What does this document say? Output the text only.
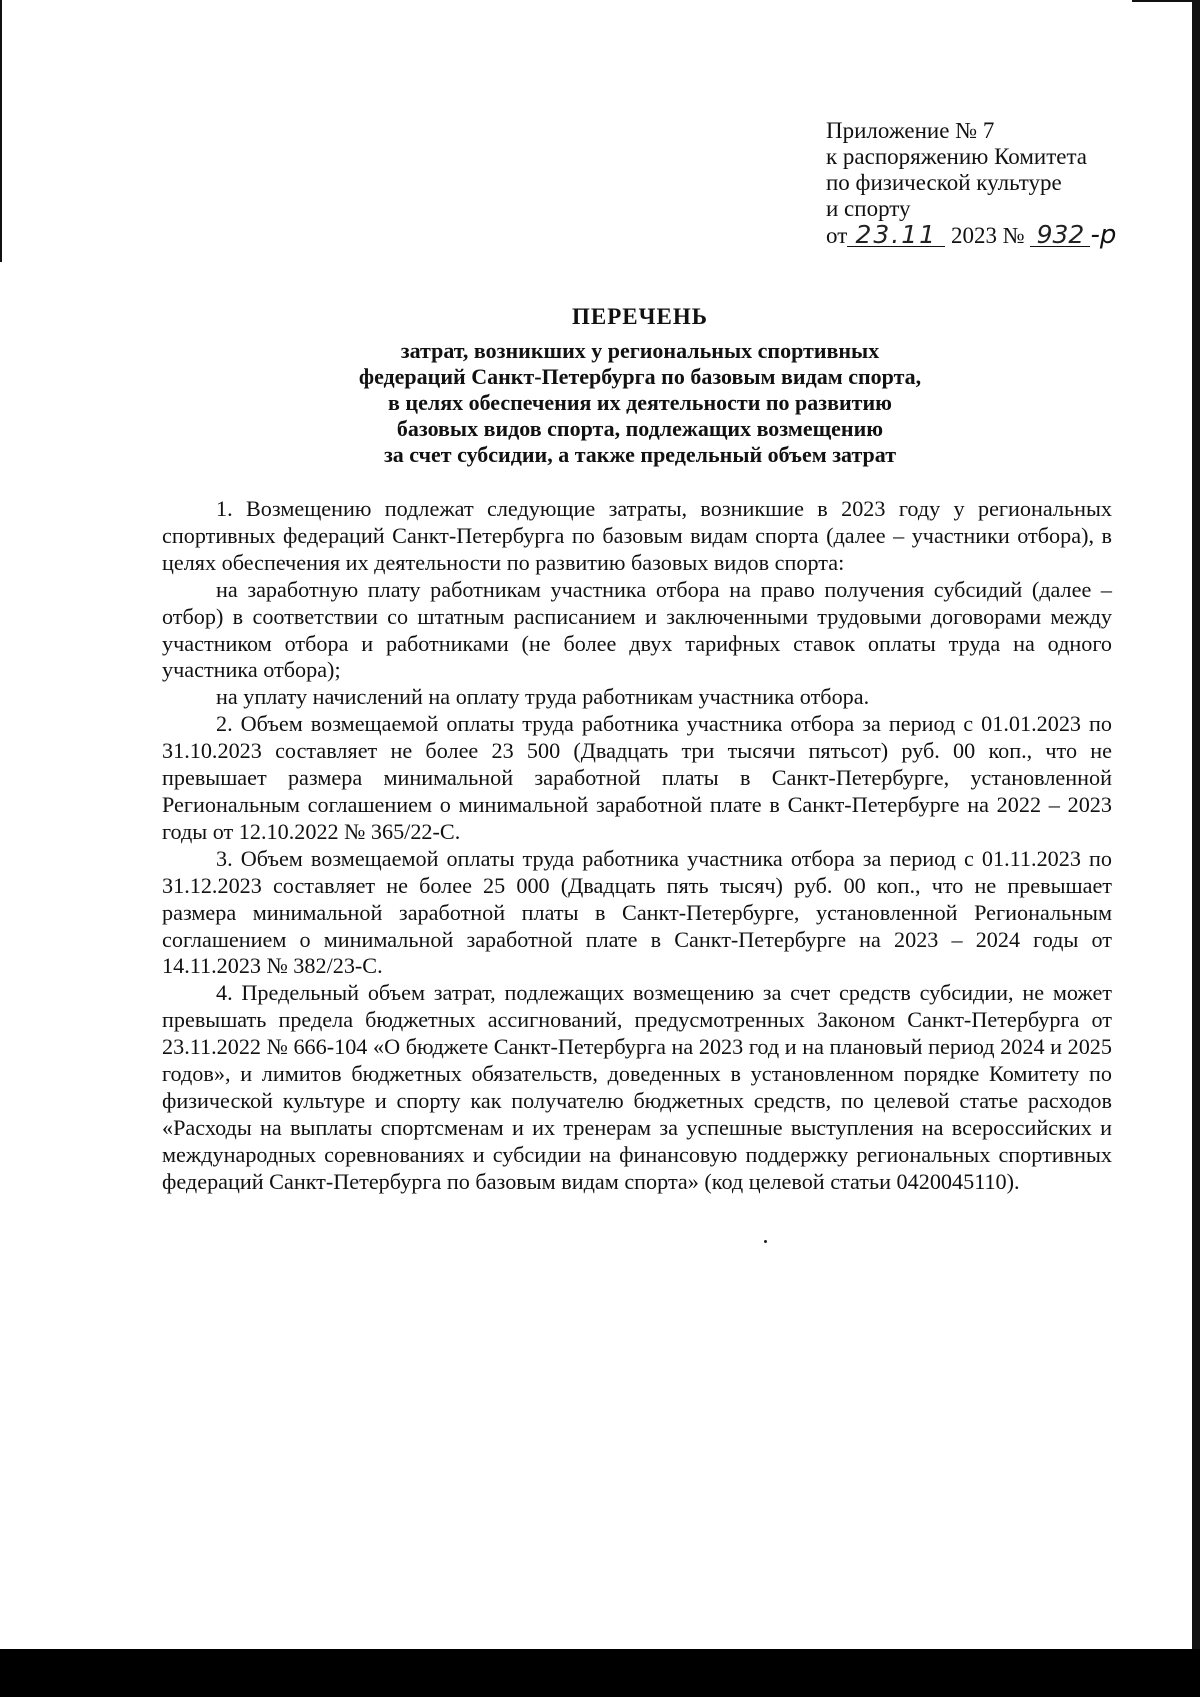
Приложение № 7
к распоряжению Комитета
по физической культуре
и спорту
от 23.11 2023 № 932 -р
ПЕРЕЧЕНЬ
затрат, возникших у региональных спортивных
федераций Санкт-Петербурга по базовым видам спорта,
в целях обеспечения их деятельности по развитию
базовых видов спорта, подлежащих возмещению
за счет субсидии, а также предельный объем затрат

1. Возмещению подлежат следующие затраты, возникшие в 2023 году у региональных спортивных федераций Санкт-Петербурга по базовым видам спорта (далее – участники отбора), в целях обеспечения их деятельности по развитию базовых видов спорта:

на заработную плату работникам участника отбора на право получения субсидий (далее – отбор) в соответствии со штатным расписанием и заключенными трудовыми договорами между участником отбора и работниками (не более двух тарифных ставок оплаты труда на одного участника отбора);

на уплату начислений на оплату труда работникам участника отбора.

2. Объем возмещаемой оплаты труда работника участника отбора за период с 01.01.2023 по 31.10.2023 составляет не более 23 500 (Двадцать три тысячи пятьсот) руб. 00 коп., что не превышает размера минимальной заработной платы в Санкт-Петербурге, установленной Региональным соглашением о минимальной заработной плате в Санкт-Петербурге на 2022 – 2023 годы от 12.10.2022 № 365/22-С.

3. Объем возмещаемой оплаты труда работника участника отбора за период с 01.11.2023 по 31.12.2023 составляет не более 25 000 (Двадцать пять тысяч) руб. 00 коп., что не превышает размера минимальной заработной платы в Санкт-Петербурге, установленной Региональным соглашением о минимальной заработной плате в Санкт-Петербурге на 2023 – 2024 годы от 14.11.2023 № 382/23-С.

4. Предельный объем затрат, подлежащих возмещению за счет средств субсидии, не может превышать предела бюджетных ассигнований, предусмотренных Законом Санкт-Петербурга от 23.11.2022 № 666-104 «О бюджете Санкт-Петербурга на 2023 год и на плановый период 2024 и 2025 годов», и лимитов бюджетных обязательств, доведенных в установленном порядке Комитету по физической культуре и спорту как получателю бюджетных средств, по целевой статье расходов «Расходы на выплаты спортсменам и их тренерам за успешные выступления на всероссийских и международных соревнованиях и субсидии на финансовую поддержку региональных спортивных федераций Санкт-Петербурга по базовым видам спорта» (код целевой статьи 0420045110).
